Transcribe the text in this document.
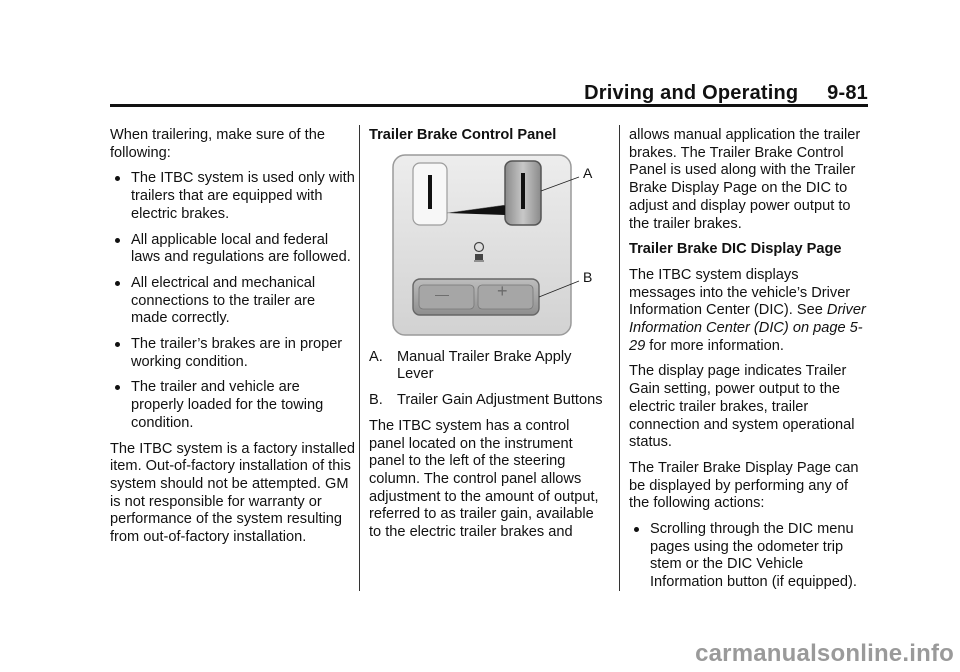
Driving and Operating 9-81

When trailering, make sure of the following:

The ITBC system is used only with trailers that are equipped with electric brakes.
All applicable local and federal laws and regulations are followed.
All electrical and mechanical connections to the trailer are made correctly.
The trailer’s brakes are in proper working condition.
The trailer and vehicle are properly loaded for the towing condition.

The ITBC system is a factory installed item. Out-of-factory installation of this system should not be attempted. GM is not responsible for warranty or performance of the system resulting from out-of-factory installation.

Trailer Brake Control Panel

—	+
A
B
A. Manual Trailer Brake Apply Lever
B. Trailer Gain Adjustment Buttons

The ITBC system has a control panel located on the instrument panel to the left of the steering column. The control panel allows adjustment to the amount of output, referred to as trailer gain, available to the electric trailer brakes and

allows manual application the trailer brakes. The Trailer Brake Control Panel is used along with the Trailer Brake Display Page on the DIC to adjust and display power output to the trailer brakes.

Trailer Brake DIC Display Page

The ITBC system displays messages into the vehicle’s Driver Information Center (DIC). See Driver Information Center (DIC) on page 5-29 for more information.

The display page indicates Trailer Gain setting, power output to the electric trailer brakes, trailer connection and system operational status.

The Trailer Brake Display Page can be displayed by performing any of the following actions:

Scrolling through the DIC menu pages using the odometer trip stem or the DIC Vehicle Information button (if equipped).
carmanualsonline.info
